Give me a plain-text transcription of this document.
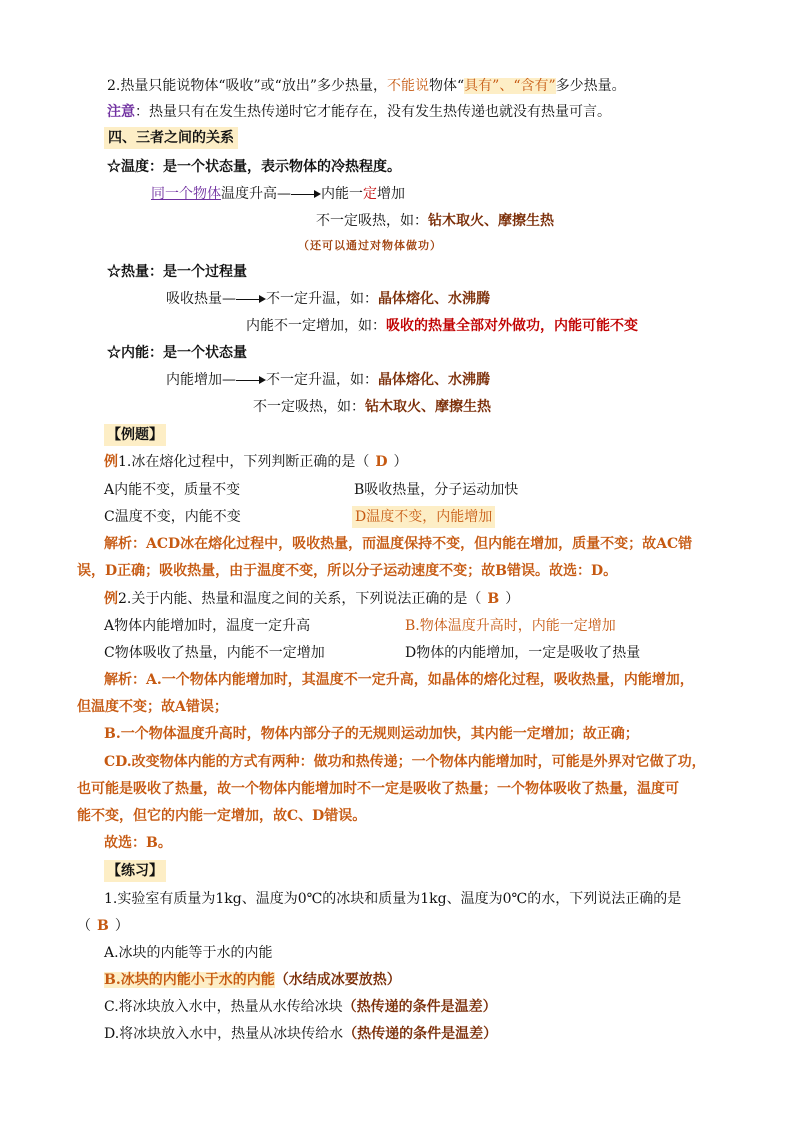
2.热量只能说物体“吸收”或“放出”多少热量，不能说物体“具有”、“含有”多少热量。
注意：热量只有在发生热传递时它才能存在，没有发生热传递也就没有热量可言。
四、三者之间的关系
☆温度：是一个状态量，表示物体的冷热程度。
同一个物体温度升高— 内能一定增加
不一定吸热，如：钻木取火、摩擦生热
（还可以通过对物体做功）
☆热量：是一个过程量
吸收热量— 不一定升温，如：晶体熔化、水沸腾
内能不一定增加，如：吸收的热量全部对外做功，内能可能不变
☆内能：是一个状态量
内能增加— 不一定升温，如：晶体熔化、水沸腾
不一定吸热，如：钻木取火、摩擦生热
【例题】
例1.冰在熔化过程中，下列判断正确的是（ D ）
A内能不变，质量不变	B吸收热量，分子运动加快
C温度不变，内能不变	D温度不变，内能增加
解析：ACD冰在熔化过程中，吸收热量，而温度保持不变，但内能在增加，质量不变；故AC错
误，D正确；吸收热量，由于温度不变，所以分子运动速度不变；故B错误。故选：D。
例2.关于内能、热量和温度之间的关系，下列说法正确的是（ B ）
A物体内能增加时，温度一定升高	B.物体温度升高时，内能一定增加
C物体吸收了热量，内能不一定增加	D物体的内能增加，一定是吸收了热量
解析：A.一个物体内能增加时，其温度不一定升高，如晶体的熔化过程，吸收热量，内能增加，
但温度不变；故A错误；
B.一个物体温度升高时，物体内部分子的无规则运动加快，其内能一定增加；故正确；
CD.改变物体内能的方式有两种：做功和热传递；一个物体内能增加时，可能是外界对它做了功，
也可能是吸收了热量，故一个物体内能增加时不一定是吸收了热量；一个物体吸收了热量，温度可
能不变，但它的内能一定增加，故C、D错误。
故选：B。
【练习】
1.实验室有质量为1kg、温度为0℃的冰块和质量为1kg、温度为0℃的水，下列说法正确的是
（ B ）
A.冰块的内能等于水的内能
B.冰块的内能小于水的内能（水结成冰要放热）
C.将冰块放入水中，热量从水传给冰块（热传递的条件是温差）
D.将冰块放入水中，热量从冰块传给水（热传递的条件是温差）
